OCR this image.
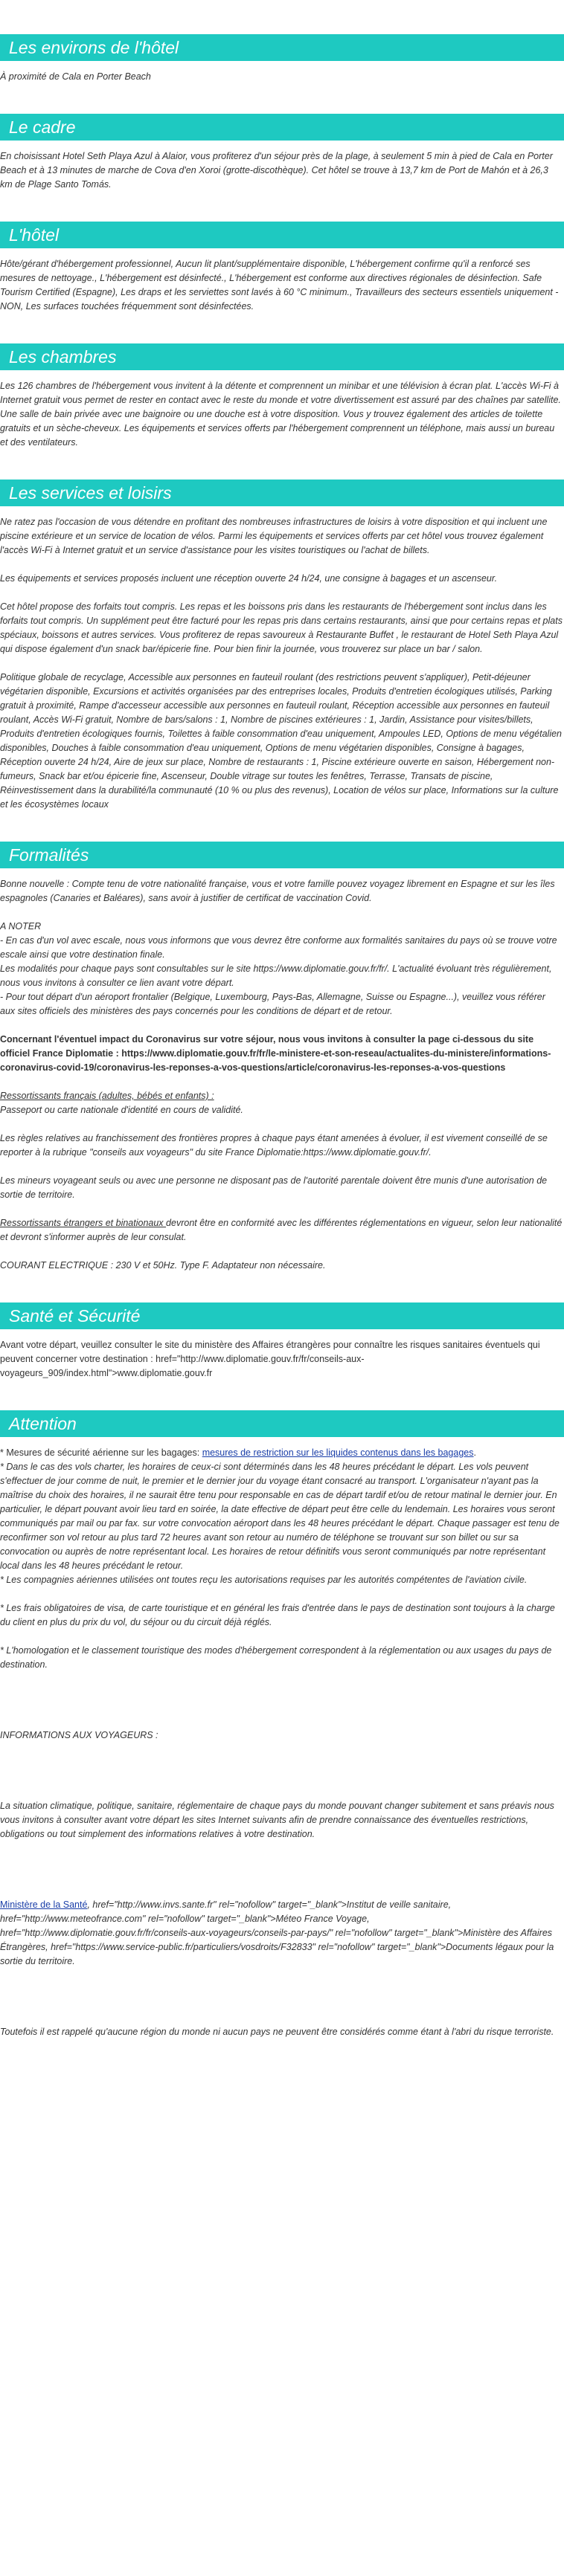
Les environs de l'hôtel

À proximité de Cala en Porter Beach

Le cadre

En choisissant Hotel Seth Playa Azul à Alaior, vous profiterez d'un séjour près de la plage, à seulement 5 min à pied de Cala en Porter Beach et à 13 minutes de marche de Cova d'en Xoroi (grotte-discothèque). Cet hôtel se trouve à 13,7 km de Port de Mahón et à 26,3 km de Plage Santo Tomás.

L'hôtel

Hôte/gérant d'hébergement professionnel, Aucun lit plant/supplémentaire disponible, L'hébergement confirme qu'il a renforcé ses mesures de nettoyage., L'hébergement est désinfecté., L'hébergement est conforme aux directives régionales de désinfection. Safe Tourism Certified (Espagne), Les draps et les serviettes sont lavés à 60 °C minimum., Travailleurs des secteurs essentiels uniquement - NON, Les surfaces touchées fréquemment sont désinfectées.

Les chambres

Les 126 chambres de l'hébergement vous invitent à la détente et comprennent un minibar et une télévision à écran plat. L'accès Wi-Fi à Internet gratuit vous permet de rester en contact avec le reste du monde et votre divertissement est assuré par des chaînes par satellite. Une salle de bain privée avec une baignoire ou une douche est à votre disposition. Vous y trouvez également des articles de toilette gratuits et un sèche-cheveux. Les équipements et services offerts par l'hébergement comprennent un téléphone, mais aussi un bureau et des ventilateurs.

Les services et loisirs

Ne ratez pas l'occasion de vous détendre en profitant des nombreuses infrastructures de loisirs à votre disposition et qui incluent une piscine extérieure et un service de location de vélos. Parmi les équipements et services offerts par cet hôtel vous trouvez également l'accès Wi-Fi à Internet gratuit et un service d'assistance pour les visites touristiques ou l'achat de billets.

Les équipements et services proposés incluent une réception ouverte 24 h/24, une consigne à bagages et un ascenseur.

Cet hôtel propose des forfaits tout compris. Les repas et les boissons pris dans les restaurants de l'hébergement sont inclus dans les forfaits tout compris. Un supplément peut être facturé pour les repas pris dans certains restaurants, ainsi que pour certains repas et plats spéciaux, boissons et autres services. Vous profiterez de repas savoureux à Restaurante Buffet , le restaurant de Hotel Seth Playa Azul qui dispose également d'un snack bar/épicerie fine. Pour bien finir la journée, vous trouverez sur place un bar / salon.

Politique globale de recyclage, Accessible aux personnes en fauteuil roulant (des restrictions peuvent s'appliquer), Petit-déjeuner végétarien disponible, Excursions et activités organisées par des entreprises locales, Produits d'entretien écologiques utilisés, Parking gratuit à proximité, Rampe d'accesseur accessible aux personnes en fauteuil roulant, Réception accessible aux personnes en fauteuil roulant, Accès Wi-Fi gratuit, Nombre de bars/salons : 1, Nombre de piscines extérieures : 1, Jardin, Assistance pour visites/billets, Produits d'entretien écologiques fournis, Toilettes à faible consommation d'eau uniquement, Ampoules LED, Options de menu végétalien disponibles, Douches à faible consommation d'eau uniquement, Options de menu végétarien disponibles, Consigne à bagages, Réception ouverte 24 h/24, Aire de jeux sur place, Nombre de restaurants : 1, Piscine extérieure ouverte en saison, Hébergement non-fumeurs, Snack bar et/ou épicerie fine, Ascenseur, Double vitrage sur toutes les fenêtres, Terrasse, Transats de piscine, Réinvestissement dans la durabilité/la communauté (10 % ou plus des revenus), Location de vélos sur place, Informations sur la culture et les écosystèmes locaux

Formalités

Bonne nouvelle : Compte tenu de votre nationalité française, vous et votre famille pouvez voyagez librement en Espagne et sur les îles espagnoles (Canaries et Baléares), sans avoir à justifier de certificat de vaccination Covid.

A NOTER

- En cas d'un vol avec escale, nous vous informons que vous devrez être conforme aux formalités sanitaires du pays où se trouve votre escale ainsi que votre destination finale.

Les modalités pour chaque pays sont consultables sur le site https://www.diplomatie.gouv.fr/fr/. L'actualité évoluant très régulièrement, nous vous invitons à consulter ce lien avant votre départ.

- Pour tout départ d'un aéroport frontalier (Belgique, Luxembourg, Pays-Bas, Allemagne, Suisse ou Espagne...), veuillez vous référer aux sites officiels des ministères des pays concernés pour les conditions de départ et de retour.

Concernant l'éventuel impact du Coronavirus sur votre séjour, nous vous invitons à consulter la page ci-dessous du site officiel France Diplomatie : https://www.diplomatie.gouv.fr/fr/le-ministere-et-son-reseau/actualites-du-ministere/informations-coronavirus-covid-19/coronavirus-les-reponses-a-vos-questions/article/coronavirus-les-reponses-a-vos-questions

Ressortissants français (adultes, bébés et enfants) :

Passeport ou carte nationale d'identité en cours de validité.

Les règles relatives au franchissement des frontières propres à chaque pays étant amenées à évoluer, il est vivement conseillé de se reporter à la rubrique "conseils aux voyageurs" du site France Diplomatie:https://www.diplomatie.gouv.fr/.

Les mineurs voyageant seuls ou avec une personne ne disposant pas de l'autorité parentale doivent être munis d'une autorisation de sortie de territoire.

Ressortissants étrangers et binationaux devront être en conformité avec les différentes réglementations en vigueur, selon leur nationalité et devront s'informer auprès de leur consulat.

COURANT ELECTRIQUE : 230 V et 50Hz. Type F. Adaptateur non nécessaire.

Santé et Sécurité

Avant votre départ, veuillez consulter le site du ministère des Affaires étrangères pour connaître les risques sanitaires éventuels qui peuvent concerner votre destination : href="http://www.diplomatie.gouv.fr/fr/conseils-aux-voyageurs_909/index.html">www.diplomatie.gouv.fr

Attention

* Mesures de sécurité aérienne sur les bagages: mesures de restriction sur les liquides contenus dans les bagages.

* Dans le cas des vols charter, les horaires de ceux-ci sont déterminés dans les 48 heures précédant le départ. Les vols peuvent s'effectuer de jour comme de nuit, le premier et le dernier jour du voyage étant consacré au transport. L'organisateur n'ayant pas la maîtrise du choix des horaires, il ne saurait être tenu pour responsable en cas de départ tardif et/ou de retour matinal le dernier jour. En particulier, le départ pouvant avoir lieu tard en soirée, la date effective de départ peut être celle du lendemain. Les horaires vous seront communiqués par mail ou par fax. sur votre convocation aéroport dans les 48 heures précédant le départ. Chaque passager est tenu de reconfirmer son vol retour au plus tard 72 heures avant son retour au numéro de téléphone se trouvant sur son billet ou sur sa convocation ou auprès de notre représentant local. Les horaires de retour définitifs vous seront communiqués par notre représentant local dans les 48 heures précédant le retour.

* Les compagnies aériennes utilisées ont toutes reçu les autorisations requises par les autorités compétentes de l'aviation civile.

* Les frais obligatoires de visa, de carte touristique et en général les frais d'entrée dans le pays de destination sont toujours à la charge du client en plus du prix du vol, du séjour ou du circuit déjà réglés.

* L'homologation et le classement touristique des modes d'hébergement correspondent à la réglementation ou aux usages du pays de destination.

INFORMATIONS AUX VOYAGEURS :

La situation climatique, politique, sanitaire, réglementaire de chaque pays du monde pouvant changer subitement et sans préavis nous vous invitons à consulter avant votre départ les sites Internet suivants afin de prendre connaissance des éventuelles restrictions, obligations ou tout simplement des informations relatives à votre destination.

Ministère de la Santé, href="http://www.invs.sante.fr" rel="nofollow" target="_blank">Institut de veille sanitaire, href="http://www.meteofrance.com" rel="nofollow" target="_blank">Méteo France Voyage, href="http://www.diplomatie.gouv.fr/fr/conseils-aux-voyageurs/conseils-par-pays/" rel="nofollow" target="_blank">Ministère des Affaires Étrangères, href="https://www.service-public.fr/particuliers/vosdroits/F32833" rel="nofollow" target="_blank">Documents légaux pour la sortie du territoire.

Toutefois il est rappelé qu'aucune région du monde ni aucun pays ne peuvent être considérés comme étant à l'abri du risque terroriste.
